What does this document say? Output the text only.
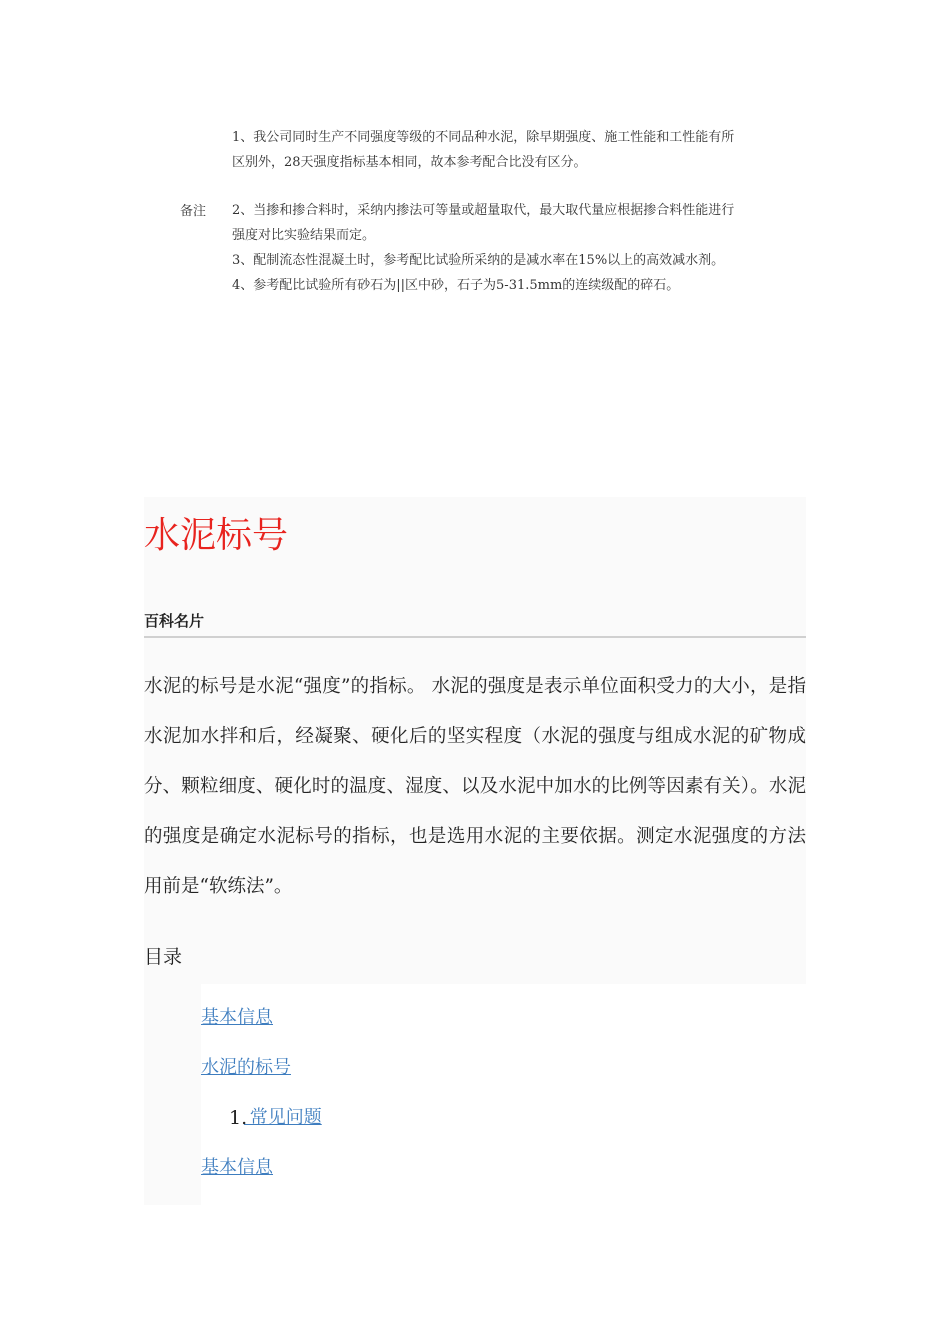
1、我公司同时生产不同强度等级的不同品种水泥，除早期强度、施工性能和工性能有所
区别外，28天强度指标基本相同，故本参考配合比没有区分。
备注 2、当掺和掺合料时，采纳内掺法可等量或超量取代，最大取代量应根据掺合料性能进行
强度对比实验结果而定。
3、配制流态性混凝土时，参考配比试验所采纳的是减水率在15%以上的高效减水剂。
4、参考配比试验所有砂石为||区中砂，石子为5-31.5mm的连续级配的碎石。
水泥标号
百科名片

水泥的标号是水泥“强度”的指标。 水泥的强度是表示单位面积受力的大小，是指水泥加水拌和后，经凝聚、硬化后的坚实程度（水泥的强度与组成水泥的矿物成分、颗粒细度、硬化时的温度、湿度、以及水泥中加水的比例等因素有关）。水泥的强度是确定水泥标号的指标，也是选用水泥的主要依据。测定水泥强度的方法用前是“软练法”。

目录
基本信息
水泥的标号
1.
常见问题
基本信息
